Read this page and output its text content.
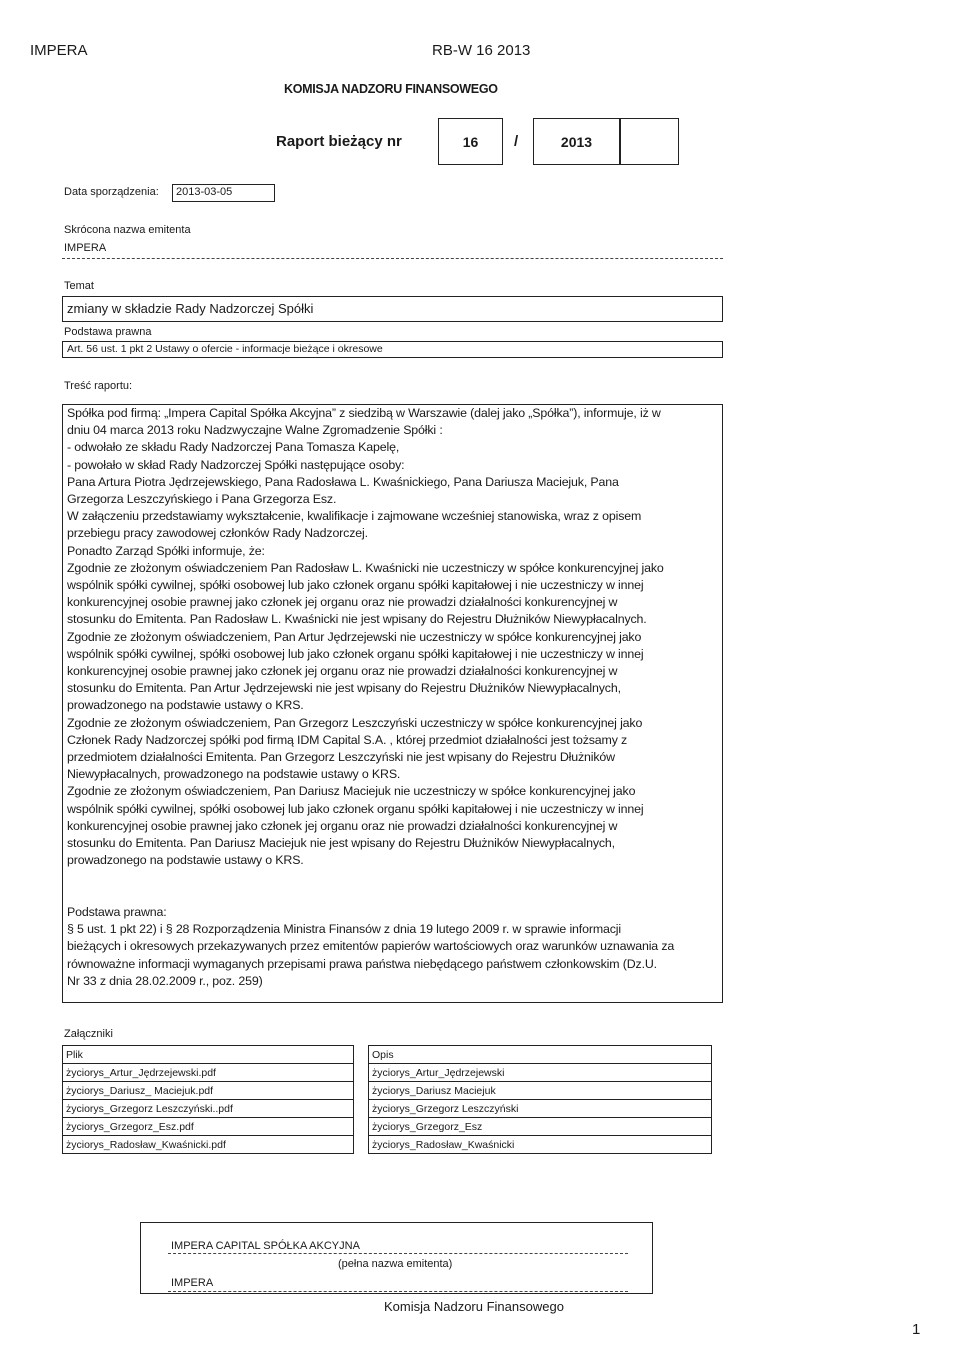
IMPERA	RB-W 16 2013
KOMISJA NADZORU FINANSOWEGO
Raport bieżący nr	16	/	2013
Data sporządzenia:	2013-03-05
Skrócona nazwa emitenta
IMPERA
Temat
zmiany w składzie Rady Nadzorczej Spółki
Podstawa prawna
Art. 56 ust. 1 pkt 2 Ustawy o ofercie - informacje bieżące i okresowe
Treść raportu:

Spółka pod firmą: „Impera Capital Spółka Akcyjna” z siedzibą w Warszawie (dalej jako „Spółka”), informuje, iż w

dniu 04 marca 2013 roku Nadzwyczajne Walne Zgromadzenie Spółki :

- odwołało ze składu Rady Nadzorczej Pana Tomasza Kapelę,

- powołało w skład Rady Nadzorczej Spółki następujące osoby:

Pana Artura Piotra Jędrzejewskiego, Pana Radosława L. Kwaśnickiego, Pana Dariusza Maciejuk, Pana

Grzegorza Leszczyńskiego i Pana Grzegorza Esz.

W załączeniu przedstawiamy wykształcenie, kwalifikacje i zajmowane wcześniej stanowiska, wraz z opisem

przebiegu pracy zawodowej członków Rady Nadzorczej.

Ponadto Zarząd Spółki informuje, że:

Zgodnie ze złożonym oświadczeniem Pan Radosław L. Kwaśnicki nie uczestniczy w spółce konkurencyjnej jako

wspólnik spółki cywilnej, spółki osobowej lub jako członek organu spółki kapitałowej i nie uczestniczy w innej

konkurencyjnej osobie prawnej jako członek jej organu oraz nie prowadzi działalności konkurencyjnej w

stosunku do Emitenta. Pan Radosław L. Kwaśnicki nie jest wpisany do Rejestru Dłużników Niewypłacalnych.

Zgodnie ze złożonym oświadczeniem, Pan Artur Jędrzejewski nie uczestniczy w spółce konkurencyjnej jako

wspólnik spółki cywilnej, spółki osobowej lub jako członek organu spółki kapitałowej i nie uczestniczy w innej

konkurencyjnej osobie prawnej jako członek jej organu oraz nie prowadzi działalności konkurencyjnej w

stosunku do Emitenta. Pan Artur Jędrzejewski nie jest wpisany do Rejestru Dłużników Niewypłacalnych,

prowadzonego na podstawie ustawy o KRS.

Zgodnie ze złożonym oświadczeniem, Pan Grzegorz Leszczyński uczestniczy w spółce konkurencyjnej jako

Członek Rady Nadzorczej spółki pod firmą IDM Capital S.A. , której przedmiot działalności jest tożsamy z

przedmiotem działalności Emitenta. Pan Grzegorz Leszczyński nie jest wpisany do Rejestru Dłużników

Niewypłacalnych, prowadzonego na podstawie ustawy o KRS.

Zgodnie ze złożonym oświadczeniem, Pan Dariusz Maciejuk nie uczestniczy w spółce konkurencyjnej jako

wspólnik spółki cywilnej, spółki osobowej lub jako członek organu spółki kapitałowej i nie uczestniczy w innej

konkurencyjnej osobie prawnej jako członek jej organu oraz nie prowadzi działalności konkurencyjnej w

stosunku do Emitenta. Pan Dariusz Maciejuk nie jest wpisany do Rejestru Dłużników Niewypłacalnych,

prowadzonego na podstawie ustawy o KRS.

Podstawa prawna:

§ 5 ust. 1 pkt 22) i § 28 Rozporządzenia Ministra Finansów z dnia 19 lutego 2009 r. w sprawie informacji

bieżących i okresowych przekazywanych przez emitentów papierów wartościowych oraz warunków uznawania za

równoważne informacji wymaganych przepisami prawa państwa niebędącego państwem członkowskim (Dz.U.

Nr 33 z dnia 28.02.2009 r., poz. 259)

Załączniki
Plik		Opis
życiorys_Artur_Jędrzejewski.pdf		życiorys_Artur_Jędrzejewski
życiorys_Dariusz_ Maciejuk.pdf		życiorys_Dariusz Maciejuk
życiorys_Grzegorz Leszczyński..pdf		życiorys_Grzegorz Leszczyński
życiorys_Grzegorz_Esz.pdf		życiorys_Grzegorz_Esz
życiorys_Radosław_Kwaśnicki.pdf		życiorys_Radosław_Kwaśnicki
IMPERA CAPITAL SPÓŁKA AKCYJNA
(pełna nazwa emitenta)
IMPERA
Komisja Nadzoru Finansowego
1
